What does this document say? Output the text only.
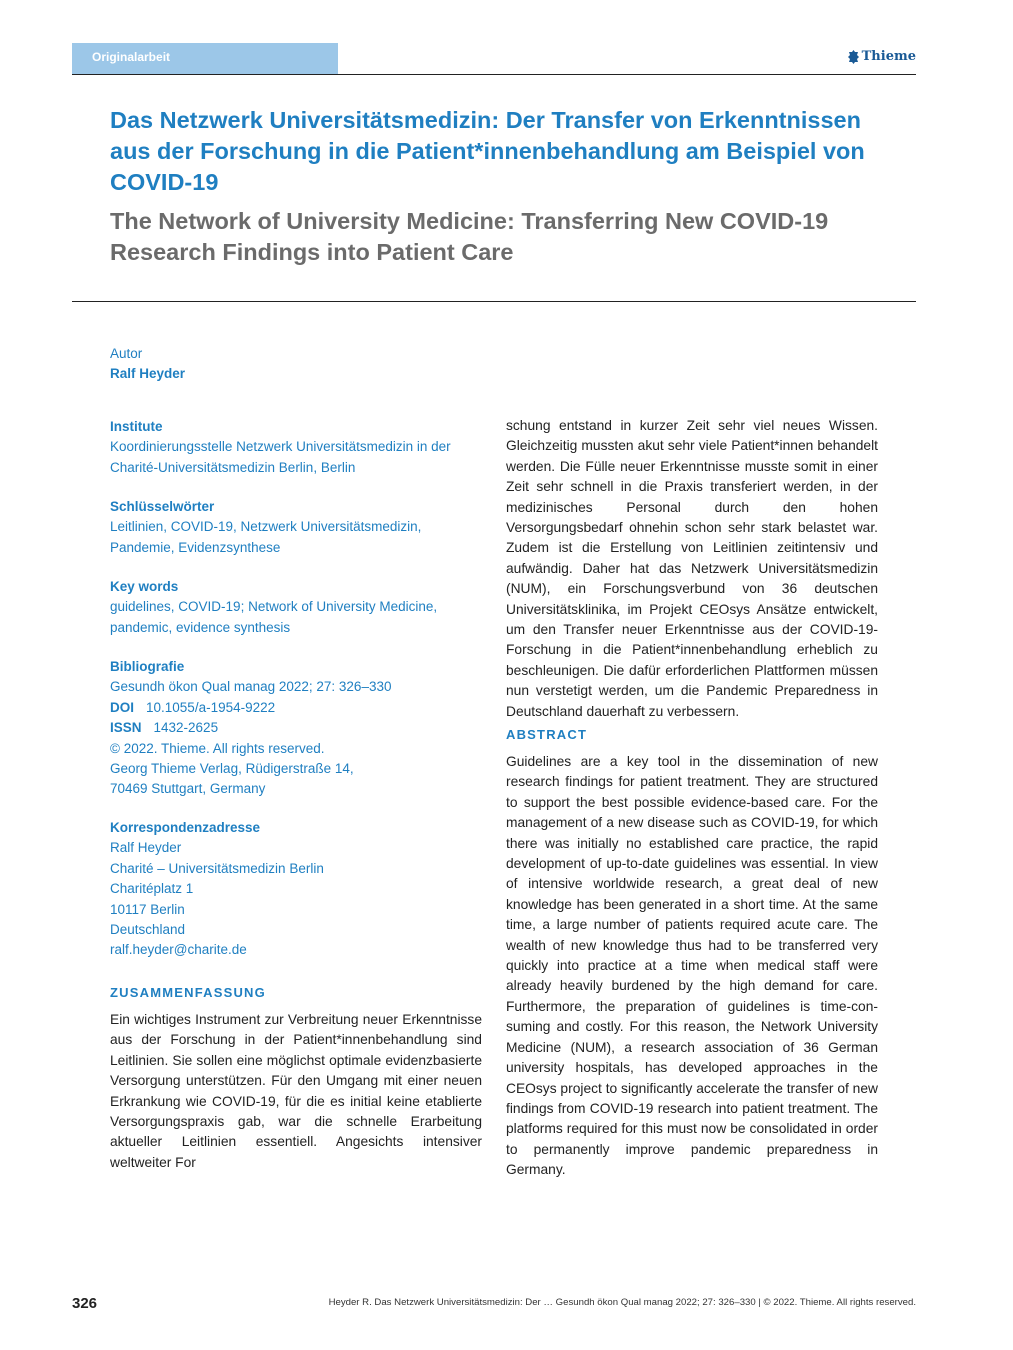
Originalarbeit	Thieme
Das Netzwerk Universitätsmedizin: Der Transfer von Erkenntnissen aus der Forschung in die Patient*innenbehandlung am Beispiel von COVID-19
The Network of University Medicine: Transferring New COVID-19 Research Findings into Patient Care
Autor
Ralf Heyder
Institute
Koordinierungsstelle Netzwerk Universitätsmedizin in der
Charité-Universitätsmedizin Berlin, Berlin
Schlüsselwörter
Leitlinien, COVID-19, Netzwerk Universitätsmedizin,
Pandemie, Evidenzsynthese
Key words
guidelines, COVID-19; Network of University Medicine,
pandemic, evidence synthesis
Bibliografie
Gesundh ökon Qual manag 2022; 27: 326–330
DOI 10.1055/a-1954-9222
ISSN 1432-2625
© 2022. Thieme. All rights reserved.
Georg Thieme Verlag, Rüdigerstraße 14,
70469 Stuttgart, Germany
Korrespondenzadresse
Ralf Heyder
Charité – Universitätsmedizin Berlin
Charitéplatz 1
10117 Berlin
Deutschland
ralf.heyder@charite.de
ZUSAMMENFASSUNG

Ein wichtiges Instrument zur Verbreitung neuer Erkenntnisse aus der Forschung in der Patient*innenbehandlung sind Leitlinien. Sie sollen eine möglichst optimale evidenzbasierte Versorgung unterstützen. Für den Umgang mit einer neuen Erkrankung wie COVID-19, für die es initial keine etablierte Versorgungspraxis gab, war die schnelle Erarbeitung aktueller Leitlinien essentiell. Angesichts intensiver weltweiter For

schung entstand in kurzer Zeit sehr viel neues Wissen. Gleichzeitig mussten akut sehr viele Patient*innen behandelt werden. Die Fülle neuer Erkenntnisse musste somit in einer Zeit sehr schnell in die Praxis transferiert werden, in der medizinisches Personal durch den hohen Versorgungsbedarf ohnehin schon sehr stark belastet war. Zudem ist die Erstellung von Leitlinien zeitintensiv und aufwändig. Daher hat das Netzwerk Universitätsmedizin (NUM), ein Forschungsverbund von 36 deutschen Universitätsklinika, im Projekt CEOsys Ansätze entwickelt, um den Transfer neuer Erkenntnisse aus der COVID-19-Forschung in die Patient*innenbehandlung erheblich zu beschleunigen. Die dafür erforderlichen Plattformen müssen nun verstetigt werden, um die Pandemic Preparedness in Deutschland dauerhaft zu verbessern.

ABSTRACT

Guidelines are a key tool in the dissemination of new research findings for patient treatment. They are structured to support the best possible evidence-based care. For the management of a new disease such as COVID-19, for which there was initially no established care practice, the rapid development of up-to-date guidelines was essential. In view of intensive worldwide research, a great deal of new knowledge has been generated in a short time. At the same time, a large number of patients required acute care. The wealth of new knowledge thus had to be transferred very quickly into practice at a time when medical staff were already heavily burdened by the high demand for care. Furthermore, the preparation of guidelines is time-consuming and costly. For this reason, the Network University Medicine (NUM), a research association of 36 German university hospitals, has developed approaches in the CEOsys project to significantly accelerate the transfer of new findings from COVID-19 research into patient treatment. The platforms required for this must now be consolidated in order to permanently improve pandemic preparedness in Germany.

326	Heyder R. Das Netzwerk Universitätsmedizin: Der … Gesundh ökon Qual manag 2022; 27: 326–330 | © 2022. Thieme. All rights reserved.
